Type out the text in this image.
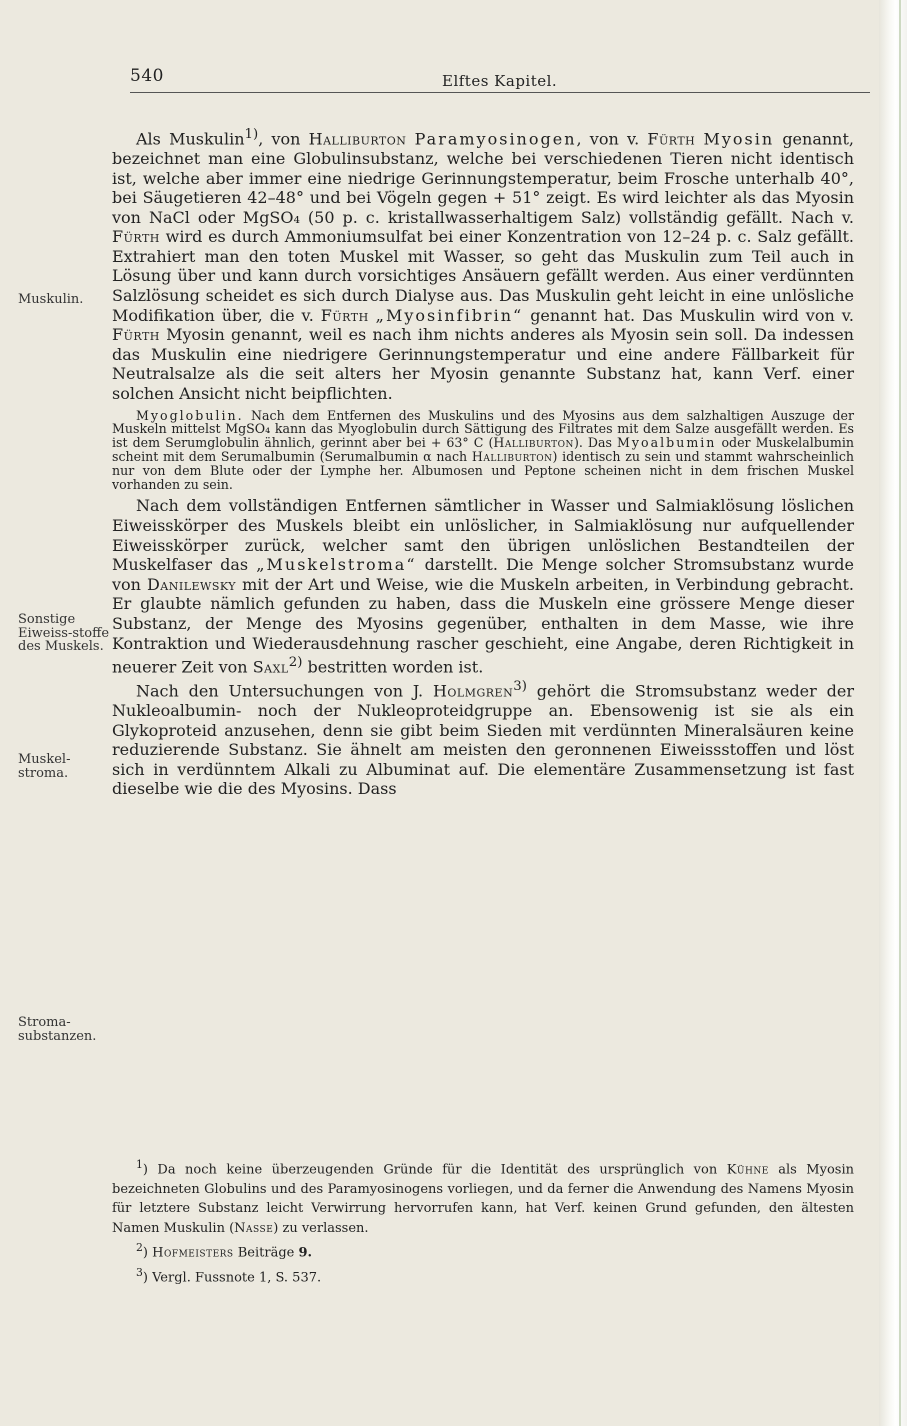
540	Elftes Kapitel.
Muskulin.
Sonstige Eiweiss-stoffe des Muskels.
Muskel-stroma.
Stroma-substanzen.

Als Muskulin$^{1)}$, von Halliburton Paramyosinogen, von v. Fürth Myosin genannt, bezeichnet man eine Globulinsubstanz, welche bei verschiedenen Tieren nicht identisch ist, welche aber immer eine niedrige Gerinnungstemperatur, beim Frosche unterhalb 40°, bei Säugetieren 42–48° und bei Vögeln gegen + 51° zeigt. Es wird leichter als das Myosin von NaCl oder MgSO₄ (50 p. c. kristallwasserhaltigem Salz) vollständig gefällt. Nach v. Fürth wird es durch Ammoniumsulfat bei einer Konzentration von 12–24 p. c. Salz gefällt. Extrahiert man den toten Muskel mit Wasser, so geht das Muskulin zum Teil auch in Lösung über und kann durch vorsichtiges Ansäuern gefällt werden. Aus einer verdünnten Salzlösung scheidet es sich durch Dialyse aus. Das Muskulin geht leicht in eine unlösliche Modifikation über, die v. Fürth „Myosinfibrin“ genannt hat. Das Muskulin wird von v. Fürth Myosin genannt, weil es nach ihm nichts anderes als Myosin sein soll. Da indessen das Muskulin eine niedrigere Gerinnungstemperatur und eine andere Fällbarkeit für Neutralsalze als die seit alters her Myosin genannte Substanz hat, kann Verf. einer solchen Ansicht nicht beipflichten.

Myoglobulin. Nach dem Entfernen des Muskulins und des Myosins aus dem salzhaltigen Auszuge der Muskeln mittelst MgSO₄ kann das Myoglobulin durch Sättigung des Filtrates mit dem Salze ausgefällt werden. Es ist dem Serumglobulin ähnlich, gerinnt aber bei + 63° C (Halliburton). Das Myoalbumin oder Muskelalbumin scheint mit dem Serumalbumin (Serumalbumin α nach Halliburton) identisch zu sein und stammt wahrscheinlich nur von dem Blute oder der Lymphe her. Albumosen und Peptone scheinen nicht in dem frischen Muskel vorhanden zu sein.

Nach dem vollständigen Entfernen sämtlicher in Wasser und Salmiaklösung löslichen Eiweisskörper des Muskels bleibt ein unlöslicher, in Salmiaklösung nur aufquellender Eiweisskörper zurück, welcher samt den übrigen unlöslichen Bestandteilen der Muskelfaser das „Muskelstroma“ darstellt. Die Menge solcher Stromsubstanz wurde von Danilewsky mit der Art und Weise, wie die Muskeln arbeiten, in Verbindung gebracht. Er glaubte nämlich gefunden zu haben, dass die Muskeln eine grössere Menge dieser Substanz, der Menge des Myosins gegenüber, enthalten in dem Masse, wie ihre Kontraktion und Wiederausdehnung rascher geschieht, eine Angabe, deren Richtigkeit in neuerer Zeit von Saxl$^{2)}$ bestritten worden ist.

Nach den Untersuchungen von J. Holmgren$^{3)}$ gehört die Stromsubstanz weder der Nukleoalbumin- noch der Nukleoproteidgruppe an. Ebensowenig ist sie als ein Glykoproteid anzusehen, denn sie gibt beim Sieden mit verdünnten Mineralsäuren keine reduzierende Substanz. Sie ähnelt am meisten den geronnenen Eiweissstoffen und löst sich in verdünntem Alkali zu Albuminat auf. Die elementäre Zusammensetzung ist fast dieselbe wie die des Myosins. Dass

$^1$) Da noch keine überzeugenden Gründe für die Identität des ursprünglich von Kühne als Myosin bezeichneten Globulins und des Paramyosinogens vorliegen, und da ferner die Anwendung des Namens Myosin für letztere Substanz leicht Verwirrung hervorrufen kann, hat Verf. keinen Grund gefunden, den ältesten Namen Muskulin (Nasse) zu verlassen.

$^2$) Hofmeisters Beiträge 9.

$^3$) Vergl. Fussnote 1, S. 537.
